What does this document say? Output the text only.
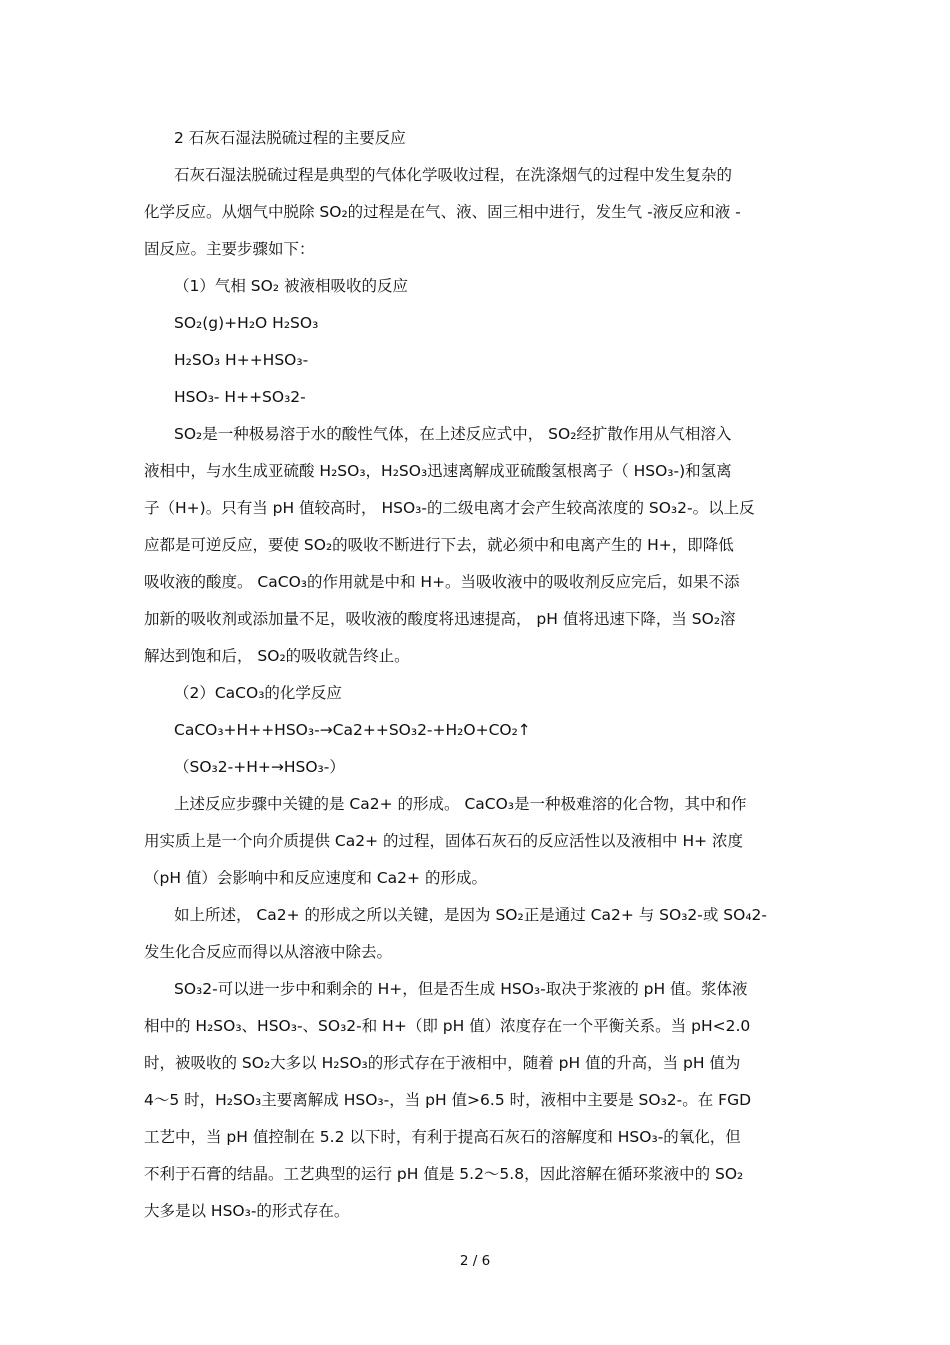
2 石灰石湿法脱硫过程的主要反应

石灰石湿法脱硫过程是典型的气体化学吸收过程，在洗涤烟气的过程中发生复杂的

化学反应。从烟气中脱除 SO₂的过程是在气、液、固三相中进行，发生气 -液反应和液 -

固反应。主要步骤如下：

（1）气相 SO₂ 被液相吸收的反应

SO₂(g)+H₂O H₂SO₃

H₂SO₃ H++HSO₃-

HSO₃- H++SO₃2-

SO₂是一种极易溶于水的酸性气体，在上述反应式中， SO₂经扩散作用从气相溶入

液相中，与水生成亚硫酸 H₂SO₃，H₂SO₃迅速离解成亚硫酸氢根离子（ HSO₃-)和氢离

子（H+)。只有当 pH 值较高时， HSO₃-的二级电离才会产生较高浓度的 SO₃2-。以上反

应都是可逆反应，要使 SO₂的吸收不断进行下去，就必须中和电离产生的 H+，即降低

吸收液的酸度。 CaCO₃的作用就是中和 H+。当吸收液中的吸收剂反应完后，如果不添

加新的吸收剂或添加量不足，吸收液的酸度将迅速提高， pH 值将迅速下降，当 SO₂溶

解达到饱和后， SO₂的吸收就告终止。

（2）CaCO₃的化学反应

CaCO₃+H++HSO₃-→Ca2++SO₃2-+H₂O+CO₂↑

（SO₃2-+H+→HSO₃-）

上述反应步骤中关键的是 Ca2+ 的形成。 CaCO₃是一种极难溶的化合物，其中和作

用实质上是一个向介质提供 Ca2+ 的过程，固体石灰石的反应活性以及液相中 H+ 浓度

（pH 值）会影响中和反应速度和 Ca2+ 的形成。

如上所述， Ca2+ 的形成之所以关键，是因为 SO₂正是通过 Ca2+ 与 SO₃2-或 SO₄2-

发生化合反应而得以从溶液中除去。

SO₃2-可以进一步中和剩余的 H+，但是否生成 HSO₃-取决于浆液的 pH 值。浆体液

相中的 H₂SO₃、HSO₃-、SO₃2-和 H+（即 pH 值）浓度存在一个平衡关系。当 pH<2.0

时，被吸收的 SO₂大多以 H₂SO₃的形式存在于液相中，随着 pH 值的升高，当 pH 值为

4～5 时，H₂SO₃主要离解成 HSO₃-，当 pH 值>6.5 时，液相中主要是 SO₃2-。在 FGD

工艺中，当 pH 值控制在 5.2 以下时，有利于提高石灰石的溶解度和 HSO₃-的氧化，但

不利于石膏的结晶。工艺典型的运行 pH 值是 5.2～5.8，因此溶解在循环浆液中的 SO₂

大多是以 HSO₃-的形式存在。

2 / 6
